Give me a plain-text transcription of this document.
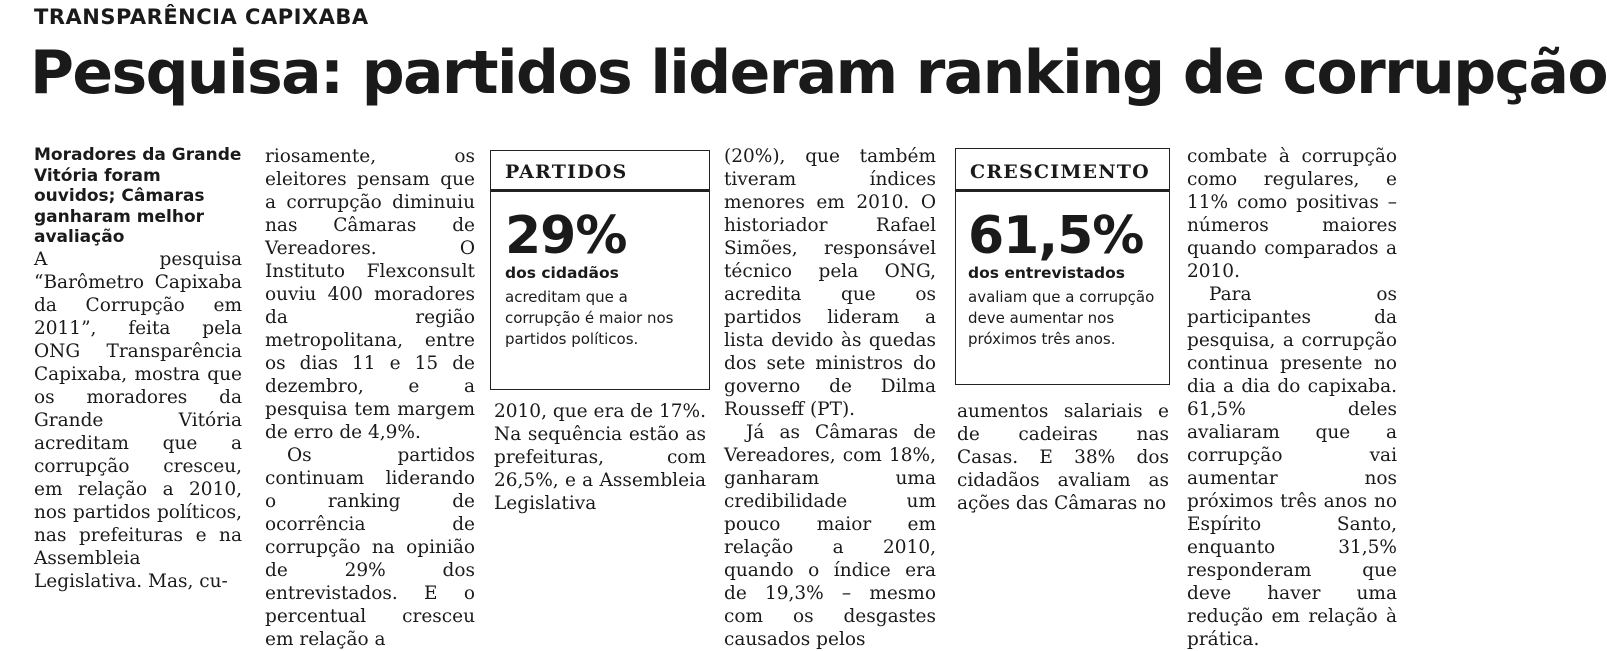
TRANSPARÊNCIA CAPIXABA
Pesquisa: partidos lideram ranking de corrupção

Moradores da Grande Vitória foram ouvidos; Câmaras ganharam melhor avaliação

A pesquisa “Barômetro Capixaba da Corrupção em 2011”, feita pela ONG Transparência Capixaba, mostra que os moradores da Grande Vitória acreditam que a corrupção cresceu, em relação a 2010, nos partidos políticos, nas prefeituras e na Assembleia Legislativa. Mas, cu-

riosamente, os eleitores pensam que a corrupção diminuiu nas Câmaras de Vereadores. O Instituto Flexconsult ouviu 400 moradores da região metropolitana, entre os dias 11 e 15 de dezembro, e a pesquisa tem margem de erro de 4,9%.

Os partidos continuam liderando o ranking de ocorrência de corrupção na opinião de 29% dos entrevistados. E o percentual cresceu em relação a

PARTIDOS
29%
dos cidadãos
acreditam que a corrupção é maior nos partidos políticos.

2010, que era de 17%. Na sequência estão as prefeituras, com 26,5%, e a Assembleia Legislativa

(20%), que também tiveram índices menores em 2010. O historiador Rafael Simões, responsável técnico pela ONG, acredita que os partidos lideram a lista devido às quedas dos sete ministros do governo de Dilma Rousseff (PT).

Já as Câmaras de Vereadores, com 18%, ganharam uma credibilidade um pouco maior em relação a 2010, quando o índice era de 19,3% – mesmo com os desgastes causados pelos

CRESCIMENTO
61,5%
dos entrevistados
avaliam que a corrupção deve aumentar nos próximos três anos.

aumentos salariais e de cadeiras nas Casas. E 38% dos cidadãos avaliam as ações das Câmaras no

combate à corrupção como regulares, e 11% como positivas – números maiores quando comparados a 2010.

Para os participantes da pesquisa, a corrupção continua presente no dia a dia do capixaba. 61,5% deles avaliaram que a corrupção vai aumentar nos próximos três anos no Espírito Santo, enquanto 31,5% responderam que deve haver uma redução em relação à prática.
